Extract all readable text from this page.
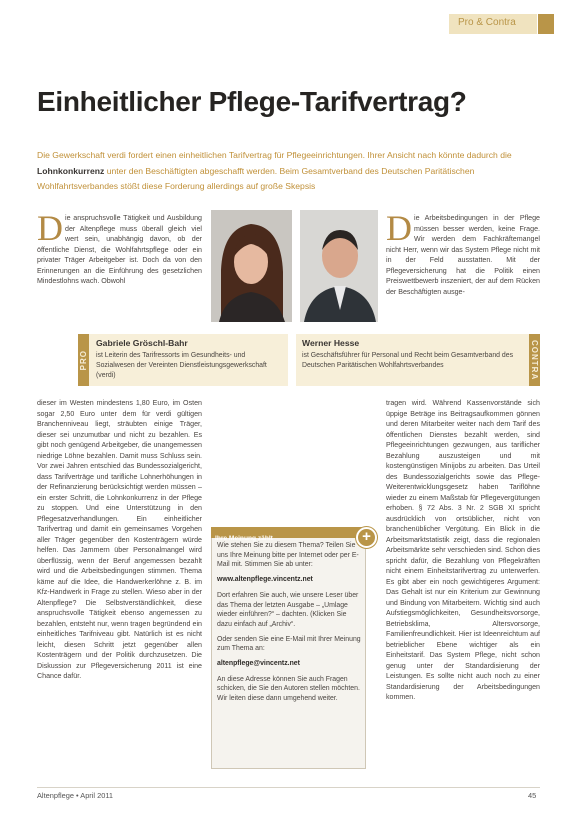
Pro & Contra
Einheitlicher Pflege-Tarifvertrag?
Die Gewerkschaft verdi fordert einen einheitlichen Tarifvertrag für Pflegeeinrichtungen. Ihrer Ansicht nach könnte dadurch die Lohnkonkurrenz unter den Beschäftigten abgeschafft werden. Beim Gesamtverband des Deutschen Paritätischen Wohlfahrtsverbandes stößt diese Forderung allerdings auf große Skepsis
Die anspruchsvolle Tätigkeit und Ausbildung der Altenpflege muss überall gleich viel wert sein, unabhängig davon, ob der öffentliche Dienst, die Wohlfahrtspflege oder ein privater Träger Arbeitgeber ist. Doch da von den Erinnerungen an die Einführung des gesetzlichen Mindestlohns wach. Obwohl
Die Arbeitsbedingungen in der Pflege müssen besser werden, keine Frage. Wir werden dem Fachkräftemangel nicht Herr, wenn wir das System Pflege nicht mit in der Feld ausstatten. Mit der Pflegeversicherung hat die Politik einen Preiswettbewerb inszeniert, der auf dem Rücken der Beschäftigten ausge-
PRO
Gabriele Gröschl-Bahr
ist Leiterin des Tarifressorts im Gesundheits- und Sozialwesen der Vereinten Dienstleistungsgewerkschaft (verdi)
Werner Hesse
ist Geschäftsführer für Personal und Recht beim Gesamtverband des Deutschen Paritätischen Wohlfahrtsverbandes	CONTRA
dieser im Westen mindestens 1,80 Euro, im Osten sogar 2,50 Euro unter dem für verdi gültigen Branchenniveau liegt, sträubten einige Träger, dieser sei unzumutbar und nicht zu bezahlen. Es gibt noch genügend Arbeitgeber, die unangemessen niedrige Löhne bezahlen. Damit muss Schluss sein. Vor zwei Jahren entschied das Bundessozialgericht, dass Tarifverträge und tarifliche Lohnerhöhungen in der Refinanzierung berücksichtigt werden müssen – ein erster Schritt, die Lohnkonkurrenz in der Pflege zu stoppen. Und eine Unterstützung in den Pflegesatzverhandlungen. Ein einheitlicher Tarifvertrag und damit ein gemeinsames Vorgehen aller Träger gegenüber den Kostenträgern würde helfen. Das Jammern über Personalmangel wird überflüssig, wenn der Beruf angemessen bezahlt wird und die Arbeitsbedingungen stimmen. Thema käme auf die Idee, die Handwerkerlöhne z. B. im Kfz-Handwerk in Frage zu stellen. Wieso aber in der Altenpflege? Die Selbstverständlichkeit, diese anspruchsvolle Tätigkeit ebenso angemessen zu bezahlen, entsteht nur, wenn tragen begründend ein einheitliches Tarifniveau gibt. Natürlich ist es nicht leicht, diesen Schritt jetzt gegenüber allen Kostenträgern und der Politik durchzusetzen. Die Diskussion zur Pflegeversicherung 2011 ist eine Chance dafür.
Ihre Meinung zählt	+

Wie stehen Sie zu diesem Thema? Teilen Sie uns Ihre Meinung bitte per Internet oder per E-Mail mit. Stimmen Sie ab unter:

www.altenpflege.vincentz.net

Dort erfahren Sie auch, wie unsere Leser über das Thema der letzten Ausgabe – „Umlage wieder einführen?“ – dachten. (Klicken Sie dazu einfach auf „Archiv“.

Oder senden Sie eine E-Mail mit Ihrer Meinung zum Thema an:

altenpflege@vincentz.net

An diese Adresse können Sie auch Fragen schicken, die Sie den Autoren stellen möchten. Wir leiten diese dann umgehend weiter.

tragen wird. Während Kassenvorstände sich üppige Beträge ins Beitragsaufkommen gönnen und deren Mitarbeiter weiter nach dem Tarif des öffentlichen Dienstes bezahlt werden, sind Pflegeeinrichtungen gezwungen, aus tariflicher Bezahlung auszusteigen und mit kostengünstigen Minijobs zu arbeiten. Das Urteil des Bundessozialgerichts sowie das Pflege-Weiterentwicklungsgesetz haben Tariflöhne wieder zu einem Maßstab für Pflegevergütungen erhoben. § 72 Abs. 3 Nr. 2 SGB XI spricht ausdrücklich von ortsüblicher, nicht von branchenüblicher Vergütung. Ein Blick in die Arbeitsmarktstatistik zeigt, dass die regionalen Arbeitsmärkte sehr verschieden sind. Schon dies spricht dafür, die Bezahlung von Pflegekräften nicht einem Einheitstarifvertrag zu unterwerfen. Es gibt aber ein noch gewichtigeres Argument: Das Gehalt ist nur ein Kriterium zur Gewinnung und Bindung von Mitarbeitern. Wichtig sind auch Aufstiegsmöglichkeiten, Gesundheitsvorsorge, Betriebsklima, Altersvorsorge, Familienfreundlichkeit. Hier ist Ideenreichtum auf betrieblicher Ebene wichtiger als ein Einheitstarif. Das System Pflege, nicht schon genug unter der Standardisierung der Leistungen. Es sollte nicht auch noch zu einer Standardisierung der Arbeitsbedingungen kommen.
Altenpflege • April 2011	45
